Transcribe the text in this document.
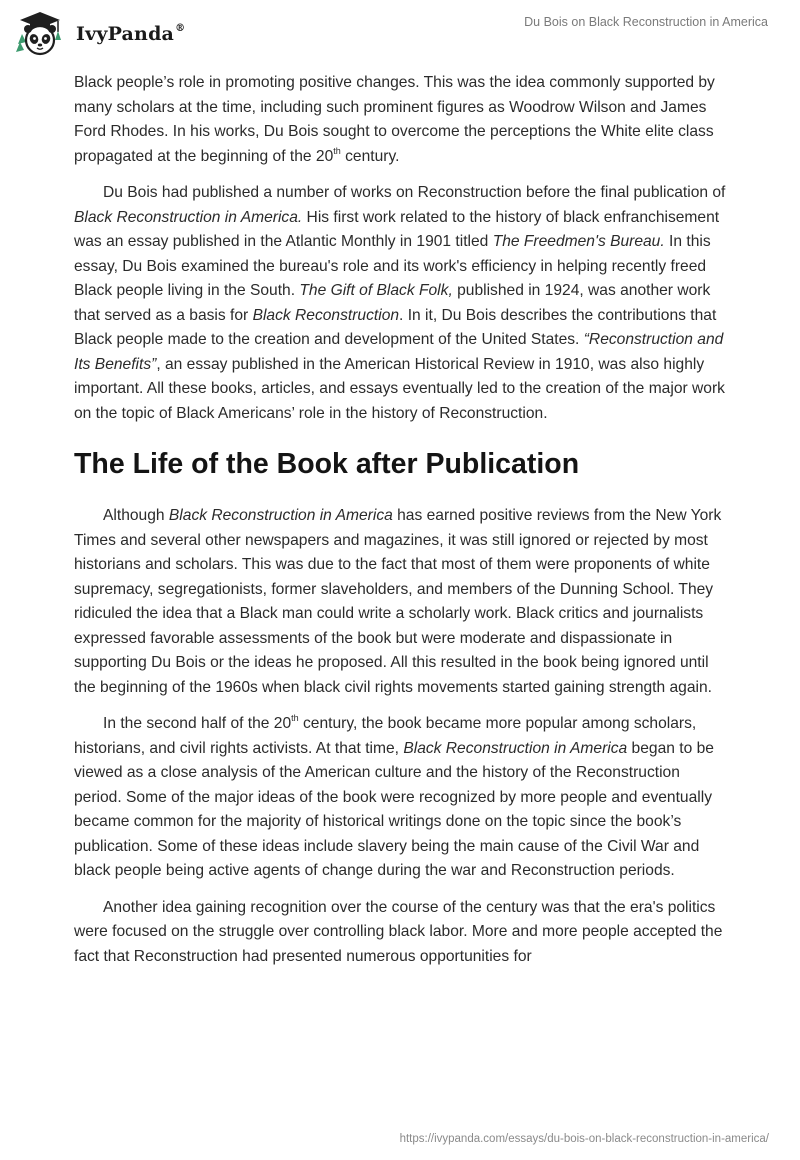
IvyPanda®	Du Bois on Black Reconstruction in America

Black people’s role in promoting positive changes. This was the idea commonly supported by many scholars at the time, including such prominent figures as Woodrow Wilson and James Ford Rhodes. In his works, Du Bois sought to overcome the perceptions the White elite class propagated at the beginning of the 20th century.

Du Bois had published a number of works on Reconstruction before the final publication of Black Reconstruction in America. His first work related to the history of black enfranchisement was an essay published in the Atlantic Monthly in 1901 titled The Freedmen's Bureau. In this essay, Du Bois examined the bureau's role and its work's efficiency in helping recently freed Black people living in the South. The Gift of Black Folk, published in 1924, was another work that served as a basis for Black Reconstruction. In it, Du Bois describes the contributions that Black people made to the creation and development of the United States. “Reconstruction and Its Benefits”, an essay published in the American Historical Review in 1910, was also highly important. All these books, articles, and essays eventually led to the creation of the major work on the topic of Black Americans’ role in the history of Reconstruction.

The Life of the Book after Publication

Although Black Reconstruction in America has earned positive reviews from the New York Times and several other newspapers and magazines, it was still ignored or rejected by most historians and scholars. This was due to the fact that most of them were proponents of white supremacy, segregationists, former slaveholders, and members of the Dunning School. They ridiculed the idea that a Black man could write a scholarly work. Black critics and journalists expressed favorable assessments of the book but were moderate and dispassionate in supporting Du Bois or the ideas he proposed. All this resulted in the book being ignored until the beginning of the 1960s when black civil rights movements started gaining strength again.

In the second half of the 20th century, the book became more popular among scholars, historians, and civil rights activists. At that time, Black Reconstruction in America began to be viewed as a close analysis of the American culture and the history of the Reconstruction period. Some of the major ideas of the book were recognized by more people and eventually became common for the majority of historical writings done on the topic since the book’s publication. Some of these ideas include slavery being the main cause of the Civil War and black people being active agents of change during the war and Reconstruction periods.

Another idea gaining recognition over the course of the century was that the era's politics were focused on the struggle over controlling black labor. More and more people accepted the fact that Reconstruction had presented numerous opportunities for

https://ivypanda.com/essays/du-bois-on-black-reconstruction-in-america/
